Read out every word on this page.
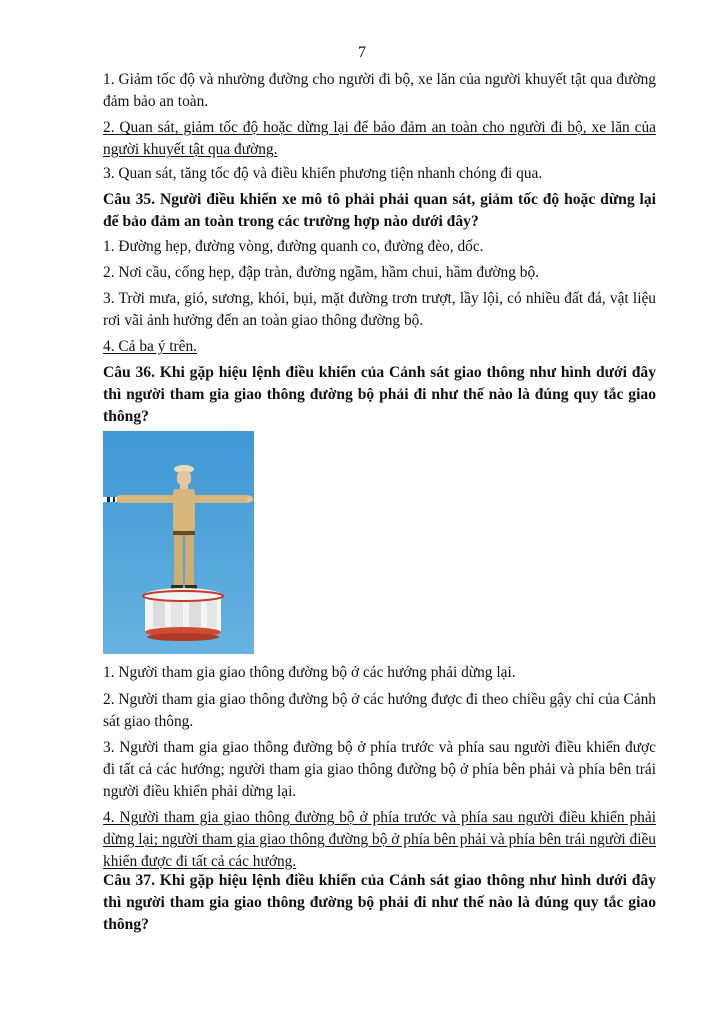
7

1. Giảm tốc độ và nhường đường cho người đi bộ, xe lăn của người khuyết tật qua đường đảm bảo an toàn.

2. Quan sát, giảm tốc độ hoặc dừng lại để bảo đảm an toàn cho người đi bộ, xe lăn của người khuyết tật qua đường.

3. Quan sát, tăng tốc độ và điều khiển phương tiện nhanh chóng đi qua.

Câu 35. Người điều khiển xe mô tô phải phải quan sát, giảm tốc độ hoặc dừng lại để bảo đảm an toàn trong các trường hợp nào dưới đây?

1. Đường hẹp, đường vòng, đường quanh co, đường đèo, dốc.

2. Nơi cầu, cống hẹp, đập tràn, đường ngầm, hầm chui, hầm đường bộ.

3. Trời mưa, gió, sương, khói, bụi, mặt đường trơn trượt, lầy lội, có nhiều đất đá, vật liệu rơi vãi ảnh hưởng đến an toàn giao thông đường bộ.

4. Cả ba ý trên.

Câu 36. Khi gặp hiệu lệnh điều khiển của Cảnh sát giao thông như hình dưới đây thì người tham gia giao thông đường bộ phải đi như thế nào là đúng quy tắc giao thông?

1. Người tham gia giao thông đường bộ ở các hướng phải dừng lại.

2. Người tham gia giao thông đường bộ ở các hướng được đi theo chiều gậy chỉ của Cảnh sát giao thông.

3. Người tham gia giao thông đường bộ ở phía trước và phía sau người điều khiển được đi tất cả các hướng; người tham gia giao thông đường bộ ở phía bên phải và phía bên trái người điều khiển phải dừng lại.

4. Người tham gia giao thông đường bộ ở phía trước và phía sau người điều khiển phải dừng lại; người tham gia giao thông đường bộ ở phía bên phải và phía bên trái người điều khiển được đi tất cả các hướng.

Câu 37. Khi gặp hiệu lệnh điều khiển của Cảnh sát giao thông như hình dưới đây thì người tham gia giao thông đường bộ phải đi như thế nào là đúng quy tắc giao thông?
